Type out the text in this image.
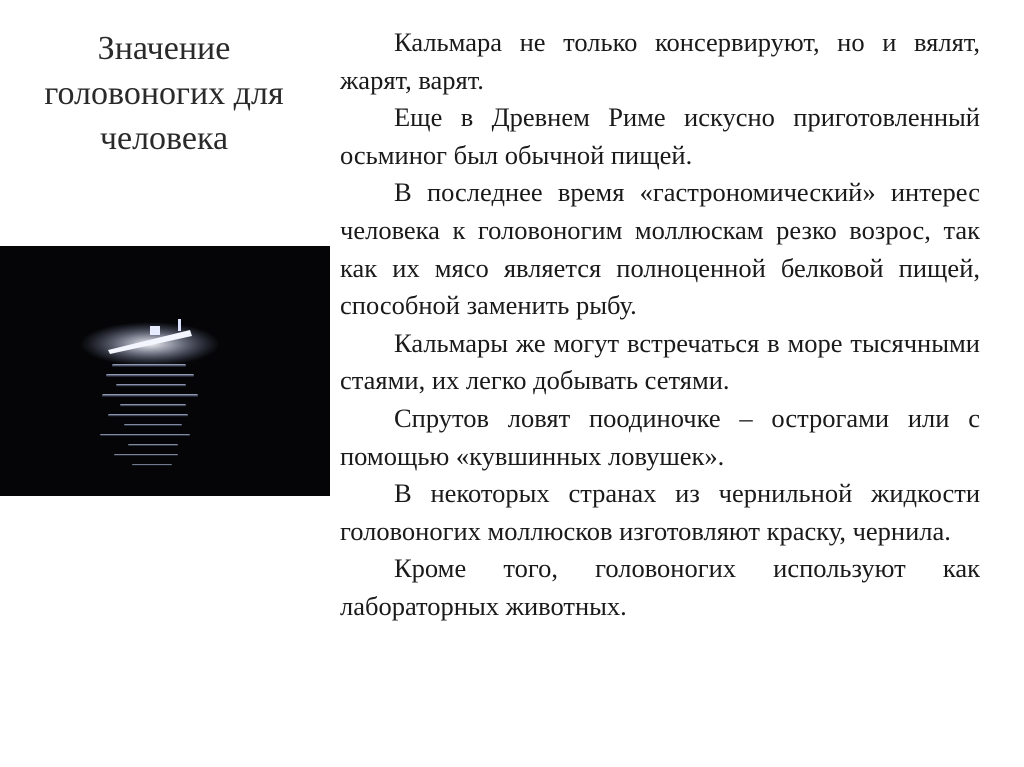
Значение
головоногих для
человека

Кальмара не только консервируют, но и вялят, жарят, варят.

Еще в Древнем Риме искусно приготовленный осьминог был обычной пищей.

В последнее время «гастрономический» интерес человека к головоногим моллюскам резко возрос, так как их мясо является полноценной белковой пищей, способной заменить рыбу.

Кальмары же могут встречаться в море тысячными стаями, их легко добывать сетями.

Спрутов ловят поодиночке – острогами или с помощью «кувшинных ловушек».

В некоторых странах из чернильной жидкости головоногих моллюсков изготовляют краску, чернила.

Кроме того, головоногих используют как лабораторных животных.
